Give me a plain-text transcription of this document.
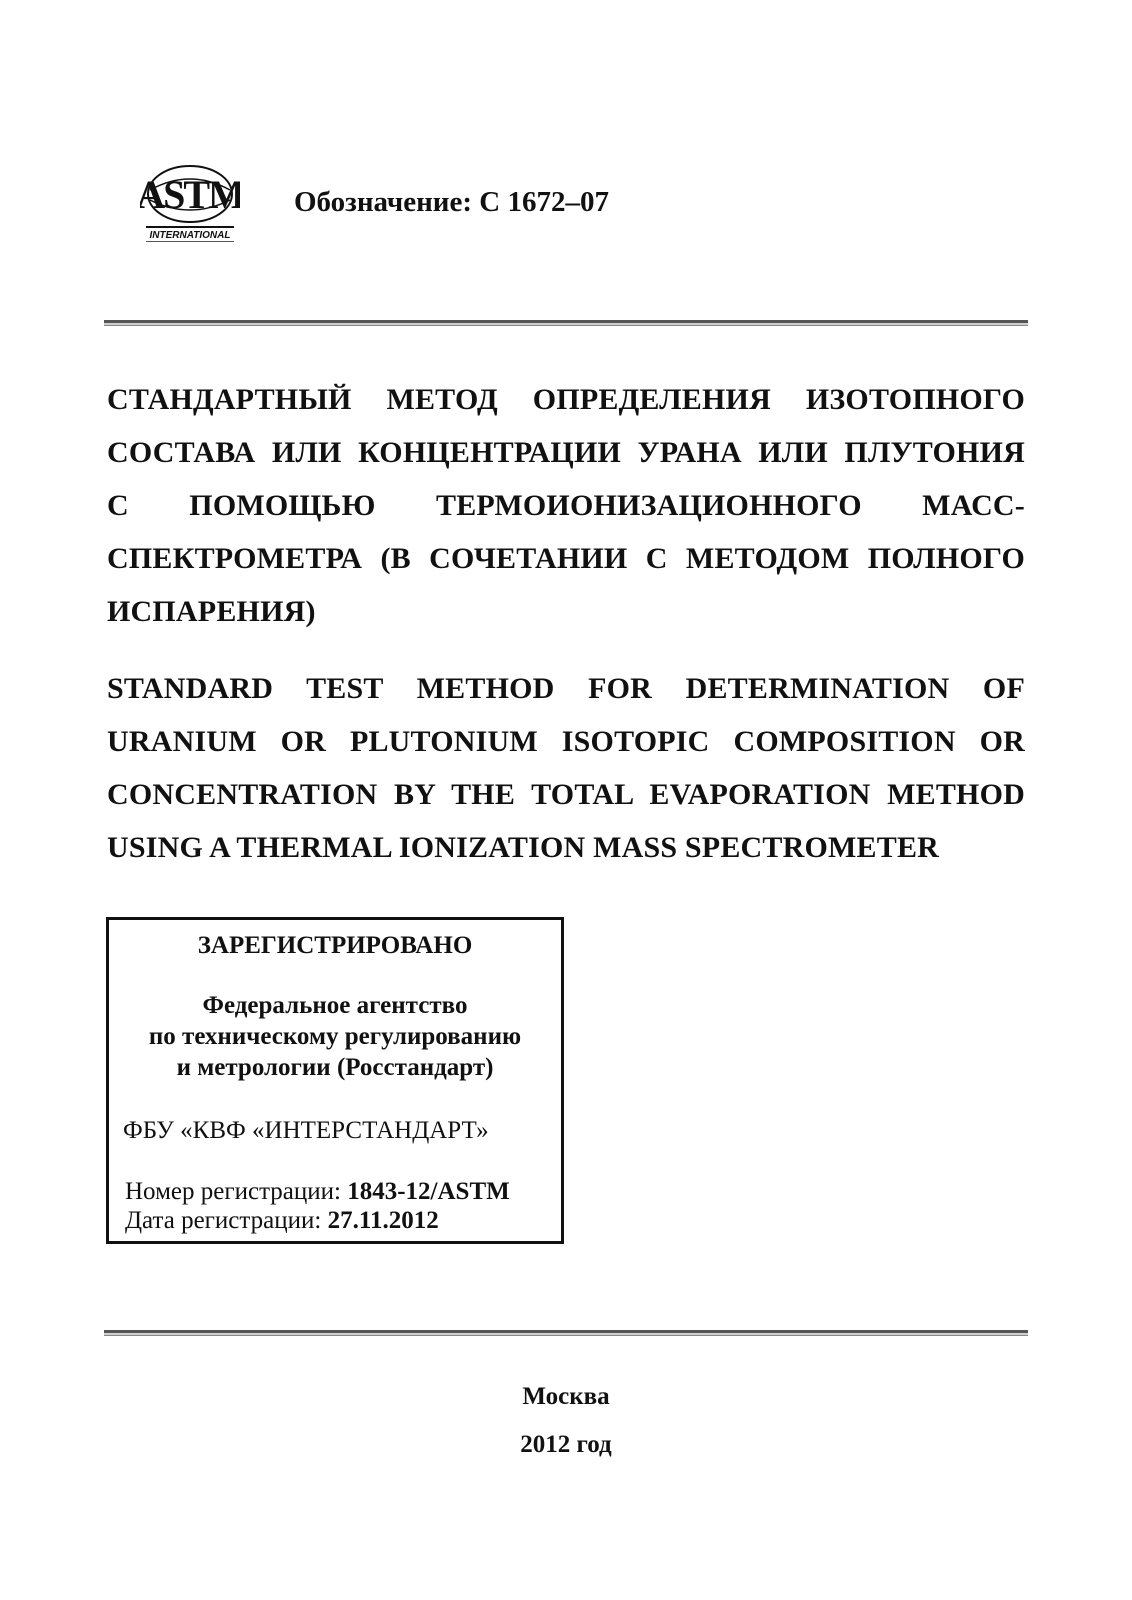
ASTM
INTERNATIONAL
Обозначение: C 1672–07
СТАНДАРТНЫЙ МЕТОД ОПРЕДЕЛЕНИЯ ИЗОТОПНОГО
СОСТАВА ИЛИ КОНЦЕНТРАЦИИ УРАНА ИЛИ ПЛУТОНИЯ
С ПОМОЩЬЮ ТЕРМОИОНИЗАЦИОННОГО МАСС-
СПЕКТРОМЕТРА (В СОЧЕТАНИИ С МЕТОДОМ ПОЛНОГО
ИСПАРЕНИЯ)
STANDARD TEST METHOD FOR DETERMINATION OF
URANIUM OR PLUTONIUM ISOTOPIC COMPOSITION OR
CONCENTRATION BY THE TOTAL EVAPORATION METHOD
USING A THERMAL IONIZATION MASS SPECTROMETER
ЗАРЕГИСТРИРОВАНО
Федеральное агентство
по техническому регулированию
и метрологии (Росстандарт)
ФБУ «КВФ «ИНТЕРСТАНДАРТ»
Номер регистрации: 1843-12/ASTM
Дата регистрации: 27.11.2012
Москва
2012 год
